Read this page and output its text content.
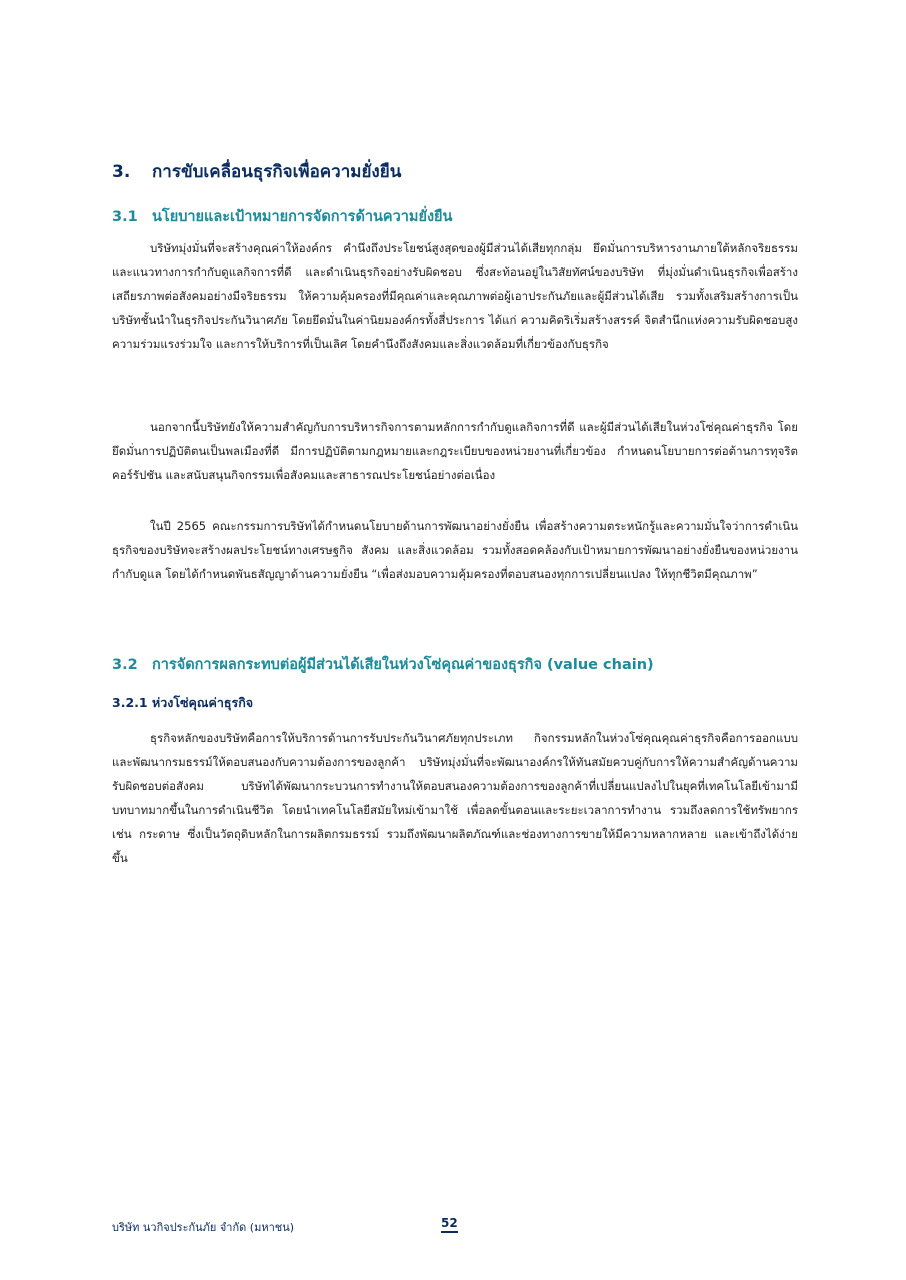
3. การขับเคลื่อนธุรกิจเพื่อความยั่งยืน
3.1 นโยบายและเป้าหมายการจัดการด้านความยั่งยืน

บริษัทมุ่งมั่นที่จะสร้างคุณค่าให้องค์กร คำนึงถึงประโยชน์สูงสุดของผู้มีส่วนได้เสียทุกกลุ่ม ยึดมั่นการบริหารงานภายใต้หลักจริยธรรมและแนวทางการกำกับดูแลกิจการที่ดี และดำเนินธุรกิจอย่างรับผิดชอบ ซึ่งสะท้อนอยู่ในวิสัยทัศน์ของบริษัท ที่มุ่งมั่นดำเนินธุรกิจเพื่อสร้างเสถียรภาพต่อสังคมอย่างมีจริยธรรม ให้ความคุ้มครองที่มีคุณค่าและคุณภาพต่อผู้เอาประกันภัยและผู้มีส่วนได้เสีย รวมทั้งเสริมสร้างการเป็นบริษัทชั้นนำในธุรกิจประกันวินาศภัย โดยยึดมั่นในค่านิยมองค์กรทั้งสี่ประการ ได้แก่ ความคิดริเริ่มสร้างสรรค์ จิตสำนึกแห่งความรับผิดชอบสูง ความร่วมแรงร่วมใจ และการให้บริการที่เป็นเลิศ โดยคำนึงถึงสังคมและสิ่งแวดล้อมที่เกี่ยวข้องกับธุรกิจ

นอกจากนี้บริษัทยังให้ความสำคัญกับการบริหารกิจการตามหลักการกำกับดูแลกิจการที่ดี และผู้มีส่วนได้เสียในห่วงโซ่คุณค่าธุรกิจ โดยยึดมั่นการปฏิบัติตนเป็นพลเมืองที่ดี มีการปฏิบัติตามกฎหมายและกฎระเบียบของหน่วยงานที่เกี่ยวข้อง กำหนดนโยบายการต่อต้านการทุจริตคอร์รัปชัน และสนับสนุนกิจกรรมเพื่อสังคมและสาธารณประโยชน์อย่างต่อเนื่อง

ในปี 2565 คณะกรรมการบริษัทได้กำหนดนโยบายด้านการพัฒนาอย่างยั่งยืน เพื่อสร้างความตระหนักรู้และความมั่นใจว่าการดำเนินธุรกิจของบริษัทจะสร้างผลประโยชน์ทางเศรษฐกิจ สังคม และสิ่งแวดล้อม รวมทั้งสอดคล้องกับเป้าหมายการพัฒนาอย่างยั่งยืนของหน่วยงานกำกับดูแล โดยได้กำหนดพันธสัญญาด้านความยั่งยืน “เพื่อส่งมอบความคุ้มครองที่ตอบสนองทุกการเปลี่ยนแปลง ให้ทุกชีวิตมีคุณภาพ”

3.2 การจัดการผลกระทบต่อผู้มีส่วนได้เสียในห่วงโซ่คุณค่าของธุรกิจ (value chain)
3.2.1 ห่วงโซ่คุณค่าธุรกิจ

ธุรกิจหลักของบริษัทคือการให้บริการด้านการรับประกันวินาศภัยทุกประเภท กิจกรรมหลักในห่วงโซ่คุณคุณค่าธุรกิจคือการออกแบบและพัฒนากรมธรรม์ให้ตอบสนองกับความต้องการของลูกค้า บริษัทมุ่งมั่นที่จะพัฒนาองค์กรให้ทันสมัยควบคู่กับการให้ความสำคัญด้านความรับผิดชอบต่อสังคม บริษัทได้พัฒนากระบวนการทำงานให้ตอบสนองความต้องการของลูกค้าที่เปลี่ยนแปลงไปในยุคที่เทคโนโลยีเข้ามามีบทบาทมากขึ้นในการดำเนินชีวิต โดยนำเทคโนโลยีสมัยใหม่เข้ามาใช้ เพื่อลดขั้นตอนและระยะเวลาการทำงาน รวมถึงลดการใช้ทรัพยากร เช่น กระดาษ ซึ่งเป็นวัตถุดิบหลักในการผลิตกรมธรรม์ รวมถึงพัฒนาผลิตภัณฑ์และช่องทางการขายให้มีความหลากหลาย และเข้าถึงได้ง่ายขึ้น

บริษัท นวกิจประกันภัย จำกัด (มหาชน)	52
